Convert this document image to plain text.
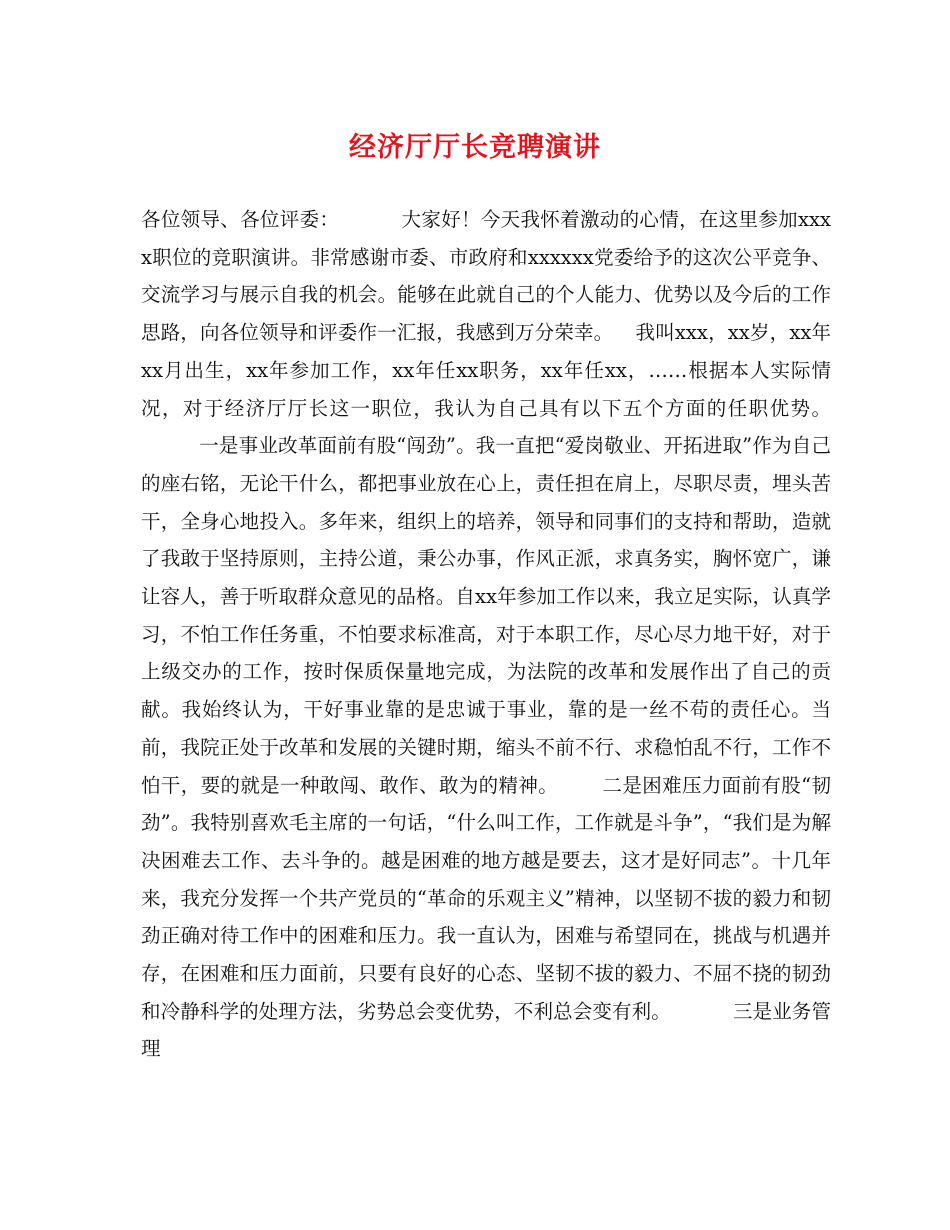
经济厅厅长竞聘演讲

各位领导、各位评委：	大家好！今天我怀着激动的心情，在这里参加xxxx职位的竞职演讲。非常感谢市委、市政府和xxxxxx党委给予的这次公平竞争、交流学习与展示自我的机会。能够在此就自己的个人能力、优势以及今后的工作思路，向各位领导和评委作一汇报，我感到万分荣幸。 我叫xxx，xx岁，xx年xx月出生，xx年参加工作，xx年任xx职务，xx年任xx，……根据本人实际情况，对于经济厅厅长这一职位，我认为自己具有以下五个方面的任职优势。

一是事业改革面前有股“闯劲”。我一直把“爱岗敬业、开拓进取”作为自己的座右铭，无论干什么，都把事业放在心上，责任担在肩上，尽职尽责，埋头苦干，全身心地投入。多年来，组织上的培养，领导和同事们的支持和帮助，造就了我敢于坚持原则，主持公道，秉公办事，作风正派，求真务实，胸怀宽广，谦让容人，善于听取群众意见的品格。自xx年参加工作以来，我立足实际，认真学习，不怕工作任务重，不怕要求标准高，对于本职工作，尽心尽力地干好，对于上级交办的工作，按时保质保量地完成，为法院的改革和发展作出了自己的贡献。我始终认为，干好事业靠的是忠诚于事业，靠的是一丝不苟的责任心。当前，我院正处于改革和发展的关键时期，缩头不前不行、求稳怕乱不行，工作不怕干，要的就是一种敢闯、敢作、敢为的精神。 二是困难压力面前有股“韧劲”。我特别喜欢毛主席的一句话，“什么叫工作，工作就是斗争”，“我们是为解决困难去工作、去斗争的。越是困难的地方越是要去，这才是好同志”。十几年来，我充分发挥一个共产党员的“革命的乐观主义”精神，以坚韧不拔的毅力和韧劲正确对待工作中的困难和压力。我一直认为，困难与希望同在，挑战与机遇并存，在困难和压力面前，只要有良好的心态、坚韧不拔的毅力、不屈不挠的韧劲和冷静科学的处理方法，劣势总会变优势，不利总会变有利。	三是业务管理
